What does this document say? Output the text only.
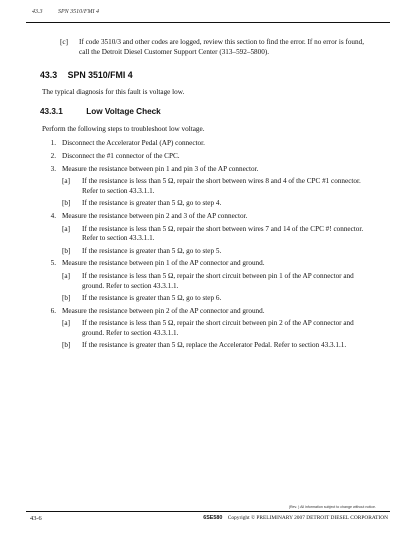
43.3	SPN 3510/FMI 4
[c]	If code 3510/3 and other codes are logged, review this section to find the error. If no error is found, call the Detroit Diesel Customer Support Center (313–592–5800).
43.3 SPN 3510/FMI 4

The typical diagnosis for this fault is voltage low.

43.3.1	Low Voltage Check

Perform the following steps to troubleshoot low voltage.

1. Disconnect the Accelerator Pedal (AP) connector.
2. Disconnect the #1 connector of the CPC.
3. Measure the resistance between pin 1 and pin 3 of the AP connector.
[a]	If the resistance is less than 5 Ω, repair the short between wires 8 and 4 of the CPC #1 connector. Refer to section 43.3.1.1.
[b]	If the resistance is greater than 5 Ω, go to step 4.
4. Measure the resistance between pin 2 and 3 of the AP connector.
[a]	If the resistance is less than 5 Ω, repair the short between wires 7 and 14 of the CPC #! connector. Refer to section 43.3.1.1.
[b]	If the resistance is greater than 5 Ω, go to step 5.
5. Measure the resistance between pin 1 of the AP connector and ground.
[a]	If the resistance is less than 5 Ω, repair the short circuit between pin 1 of the AP connector and ground. Refer to section 43.3.1.1.
[b]	If the resistance is greater than 5 Ω, go to step 6.
6. Measure the resistance between pin 2 of the AP connector and ground.
[a]	If the resistance is less than 5 Ω, repair the short circuit between pin 2 of the AP connector and ground. Refer to section 43.3.1.1.
[b]	If the resistance is greater than 5 Ω, replace the Accelerator Pedal. Refer to section 43.3.1.1.
(Rev. ) All information subject to change without notice.
43-6	6SE580 Copyright © PRELIMINARY 2007 DETROIT DIESEL CORPORATION
